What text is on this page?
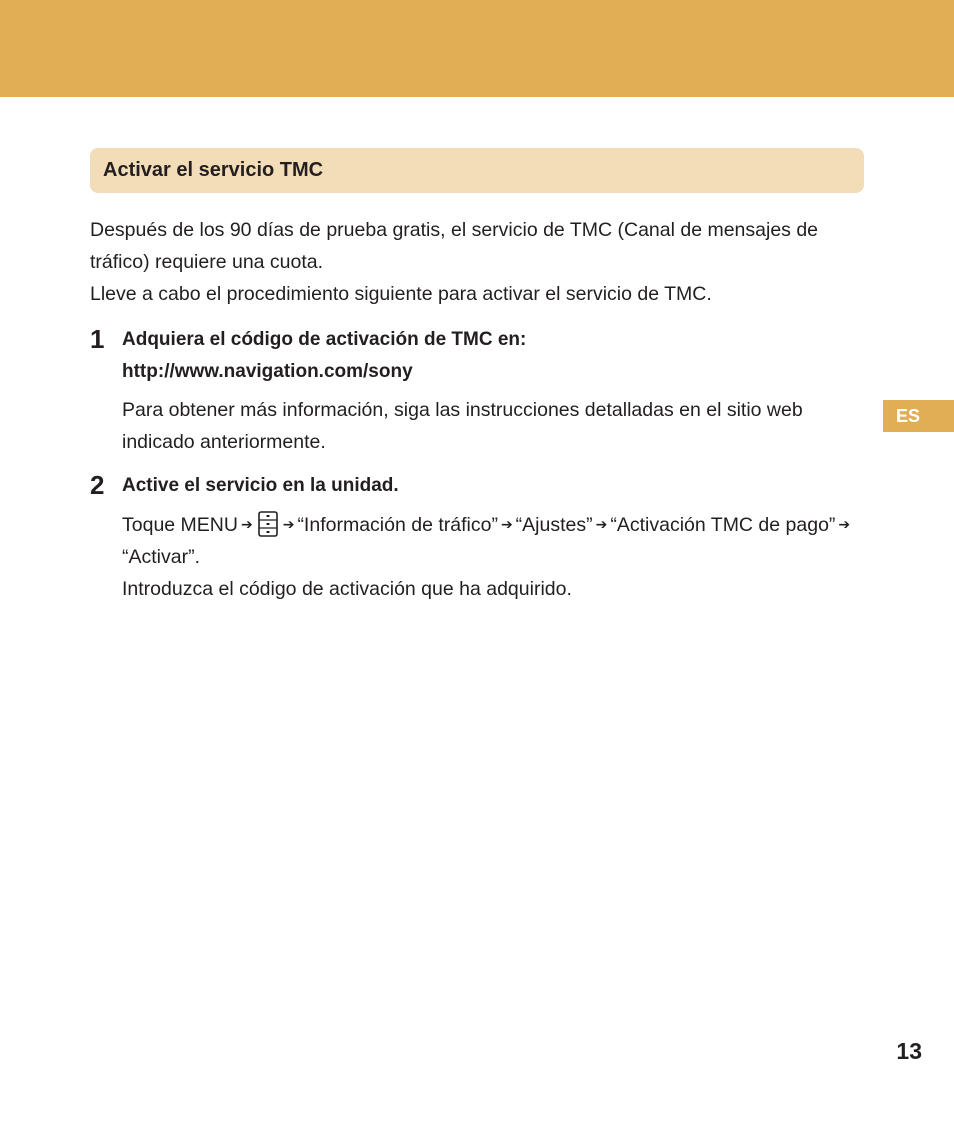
Activar el servicio TMC

Después de los 90 días de prueba gratis, el servicio de TMC (Canal de mensajes de tráfico) requiere una cuota.

Lleve a cabo el procedimiento siguiente para activar el servicio de TMC.

1 Adquiera el código de activación de TMC en:
http://www.navigation.com/sony

Para obtener más información, siga las instrucciones detalladas en el sitio web indicado anteriormente.

2 Active el servicio en la unidad.

Toque MENU ➔ ➔ “Información de tráfico” ➔ “Ajustes” ➔ “Activación TMC de pago” ➔“Activar”.

Introduzca el código de activación que ha adquirido.

ES
13
